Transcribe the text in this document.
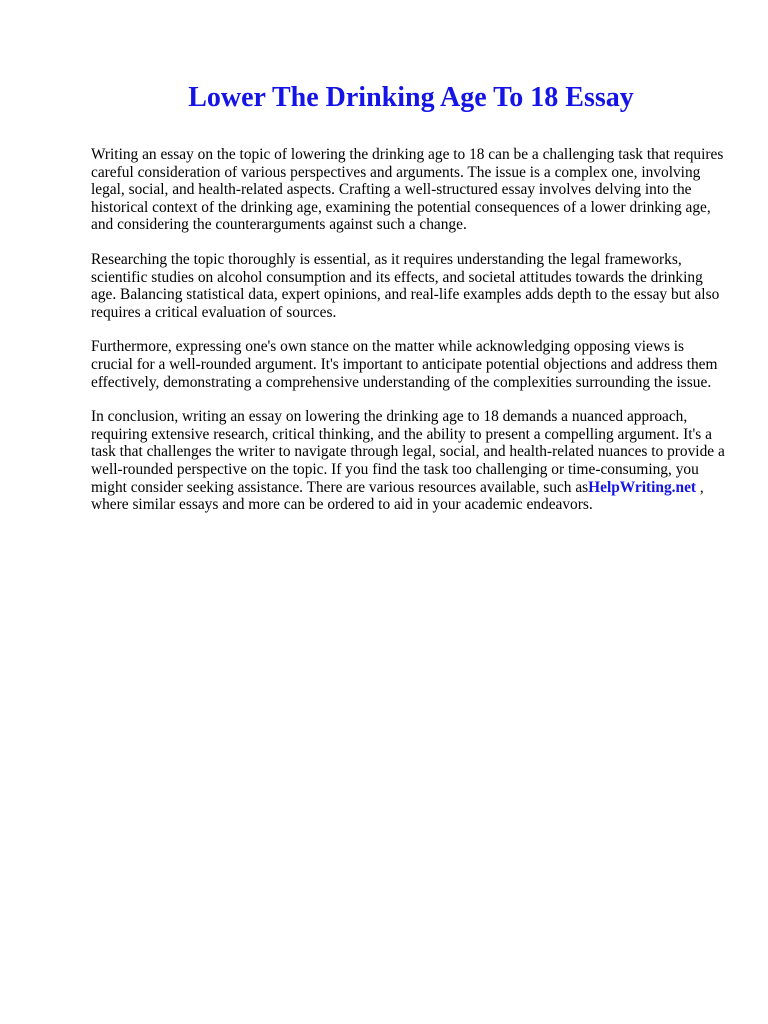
Lower The Drinking Age To 18 Essay

Writing an essay on the topic of lowering the drinking age to 18 can be a challenging task that requires careful consideration of various perspectives and arguments. The issue is a complex one, involving legal, social, and health-related aspects. Crafting a well-structured essay involves delving into the historical context of the drinking age, examining the potential consequences of a lower drinking age, and considering the counterarguments against such a change.

Researching the topic thoroughly is essential, as it requires understanding the legal frameworks, scientific studies on alcohol consumption and its effects, and societal attitudes towards the drinking age. Balancing statistical data, expert opinions, and real-life examples adds depth to the essay but also requires a critical evaluation of sources.

Furthermore, expressing one's own stance on the matter while acknowledging opposing views is crucial for a well-rounded argument. It's important to anticipate potential objections and address them effectively, demonstrating a comprehensive understanding of the complexities surrounding the issue.

In conclusion, writing an essay on lowering the drinking age to 18 demands a nuanced approach, requiring extensive research, critical thinking, and the ability to present a compelling argument. It's a task that challenges the writer to navigate through legal, social, and health-related nuances to provide a well-rounded perspective on the topic. If you find the task too challenging or time-consuming, you might consider seeking assistance. There are various resources available, such asHelpWriting.net , where similar essays and more can be ordered to aid in your academic endeavors.
